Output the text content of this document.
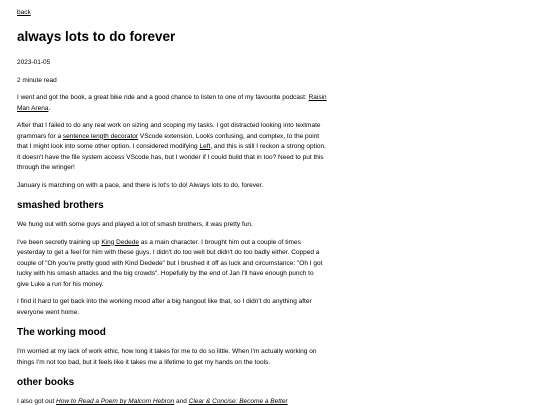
back
always lots to do forever

2023-01-05

2 minute read

I went and got the book, a great bike ride and a good chance to listen to one of my favourite podcast: Raisin Man Arena.

After that I failed to do any real work on sizing and scoping my tasks. I got distracted looking into textmate grammars for a sentence length decorator VScode extension. Looks confusing, and complex, to the point that I might look into some other option. I considered modifying Left, and this is still I reckon a strong option. It doesn't have the file system access VScode has, but I wonder if I could build that in too? Need to put this through the wringer!

January is marching on with a pace, and there is lot's to do! Always lots to do, forever.

smashed brothers

We hung out with some guys and played a lot of smash brothers, it was pretty fun.

I've been secretly training up King Dedede as a main character. I brought him out a couple of times yesterday to get a feel for him with these guys. I didn't do too well but didn't do too badly either. Copped a couple of "Oh you're pretty good with Kind Dedede" but I brushed it off as luck and circumstance: "Oh I got lucky with his smash attacks and the big crowds". Hopefully by the end of Jan I'll have enough punch to give Luke a run for his money.

I find it hard to get back into the working mood after a big hangout like that, so I didn't do anything after everyone went home.

The working mood

I'm worried at my lack of work ethic, how long it takes for me to do so little. When I'm actually working on things I'm not too bad, but it feels like it takes me a lifetime to get my hands on the tools.

other books

I also got out How to Read a Poem by Malcom Hebron and Clear & Concise: Become a Better
